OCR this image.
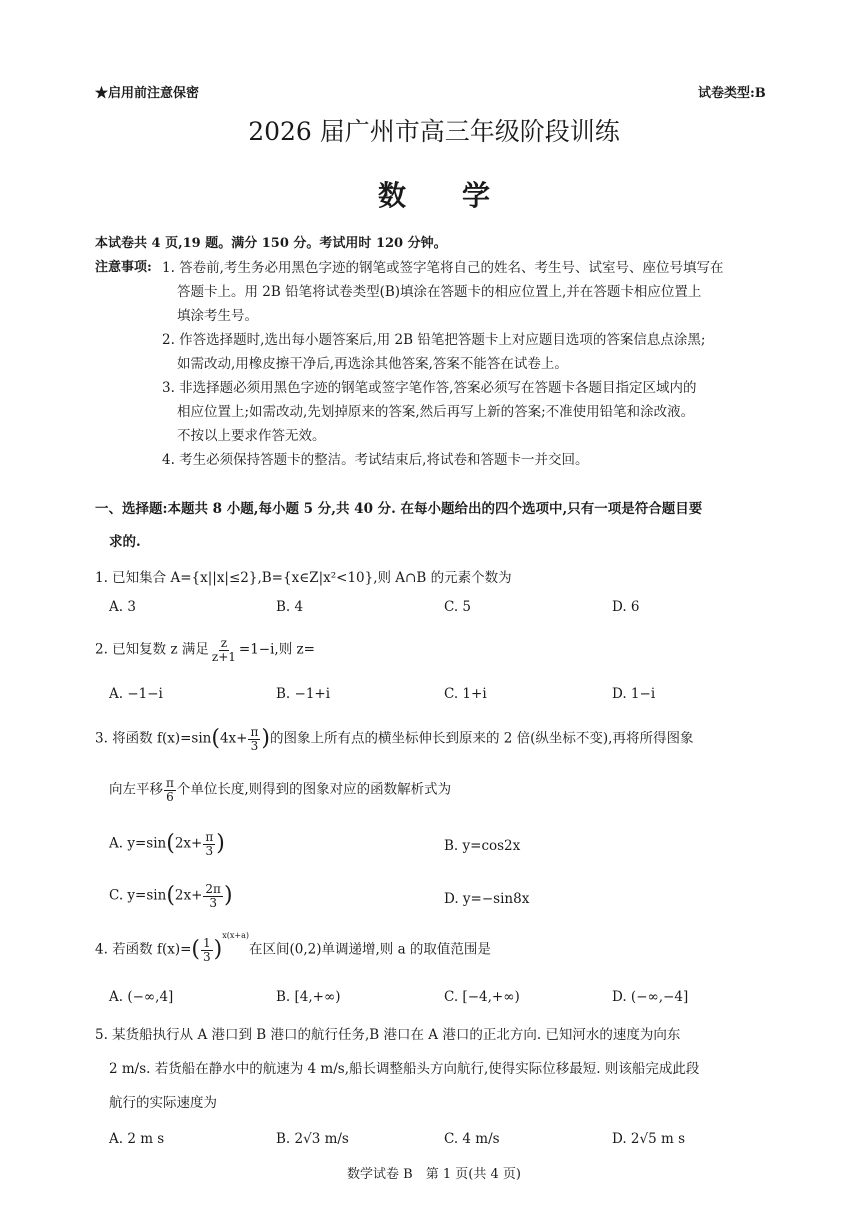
★启用前注意保密	试卷类型:B
2026 届广州市高三年级阶段训练
数　　学
本试卷共 4 页,19 题。满分 150 分。考试用时 120 分钟。
注意事项: 1. 答卷前,考生务必用黑色字迹的钢笔或签字笔将自己的姓名、考生号、试室号、座位号填写在
答题卡上。用 2B 铅笔将试卷类型(B)填涂在答题卡的相应位置上,并在答题卡相应位置上
填涂考生号。
2. 作答选择题时,选出每小题答案后,用 2B 铅笔把答题卡上对应题目选项的答案信息点涂黑;
如需改动,用橡皮擦干净后,再选涂其他答案,答案不能答在试卷上。
3. 非选择题必须用黑色字迹的钢笔或签字笔作答,答案必须写在答题卡各题目指定区域内的
相应位置上;如需改动,先划掉原来的答案,然后再写上新的答案;不准使用铅笔和涂改液。
不按以上要求作答无效。
4. 考生必须保持答题卡的整洁。考试结束后,将试卷和答题卡一并交回。
一、选择题:本题共 8 小题,每小题 5 分,共 40 分. 在每小题给出的四个选项中,只有一项是符合题目要
求的.
1. 已知集合 A={x||x|≤2},B={x∈Z|x²<10},则 A∩B 的元素个数为
A. 3	B. 4	C. 5	D. 6
2. 已知复数 z 满足 $\frac{z}{z+1} =1-i$,则 z=
A. −1−i	B. −1+i	C. 1+i	D. 1−i
3. 将函数 $f(x)=\sin(4x+ \frac{\pi}{3}$ )的图象上所有点的横坐标伸长到原来的 2 倍(纵坐标不变),再将所得图象
向左平移 $\frac{\pi}{6}$ 个单位长度,则得到的图象对应的函数解析式为
A. $y=\sin(2x+ \frac{\pi}{3}$ )	B. y=cos2x
C. $y=\sin(2x+ \frac{2\pi}{3}$ )	D. y=−sin8x
4. 若函数 $f(x)=( \frac{1}{3} )^{x(x+a)}$在区间(0,2)单调递增,则 a 的取值范围是
A. (−∞,4]	B. [4,+∞)	C. [−4,+∞)	D. (−∞,−4]
5. 某货船执行从 A 港口到 B 港口的航行任务,B 港口在 A 港口的正北方向. 已知河水的速度为向东
2 m/s. 若货船在静水中的航速为 4 m/s,船长调整船头方向航行,使得实际位移最短. 则该船完成此段
航行的实际速度为
A. 2 m s	B. 2√3 m/s	C. 4 m/s	D. 2√5 m s
数学试卷 B　第 1 页(共 4 页)
